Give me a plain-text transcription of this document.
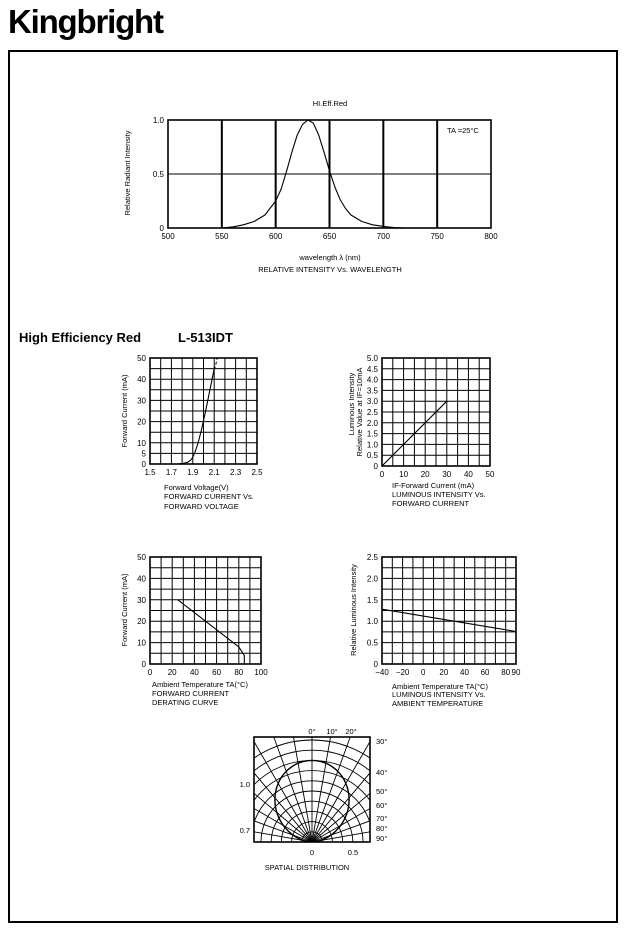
Kingbright
High Efficiency Red	L-513IDT
500	550	600	650	700	750	800
0
0.5
1.0
HI.Eff.Red
TA =25°C
wavelength λ (nm)
RELATIVE INTENSITY Vs. WAVELENGTH
Relative Radiant Intensity
1.5 1.7 1.9 2.1 2.3 2.5
0
5
10
20
30
40
50
Forward Voltage(V)
FORWARD CURRENT Vs.
FORWARD VOLTAGE
Forward Current (mA)
0 10 20 30 40 50
0
0.5
1.0
1.5
2.0
2.5
3.0
3.5
4.0
4.5
5.0
IF-Forward Current (mA)
LUMINOUS INTENSITY Vs.
FORWARD CURRENT
Luminous Intensity Relative Value at IF=10mA
0 20 40 60 80 100
0
10
20
30
40
50
Ambient Temperature TA(°C)
FORWARD CURRENT
DERATING CURVE
Forward Current (mA)
−40 −20 0 20 40 60 80 90
0
0.5
1.0
1.5
2.0
2.5
Ambient Temperature TA(°C)
LUMINOUS INTENSITY Vs.
AMBIENT TEMPERATURE
Relative Luminous Intensity
0° 10° 20°
30°
40°
50°
60°
70°
80°
90°
1.0
0.7
0	0.5
SPATIAL DISTRIBUTION
